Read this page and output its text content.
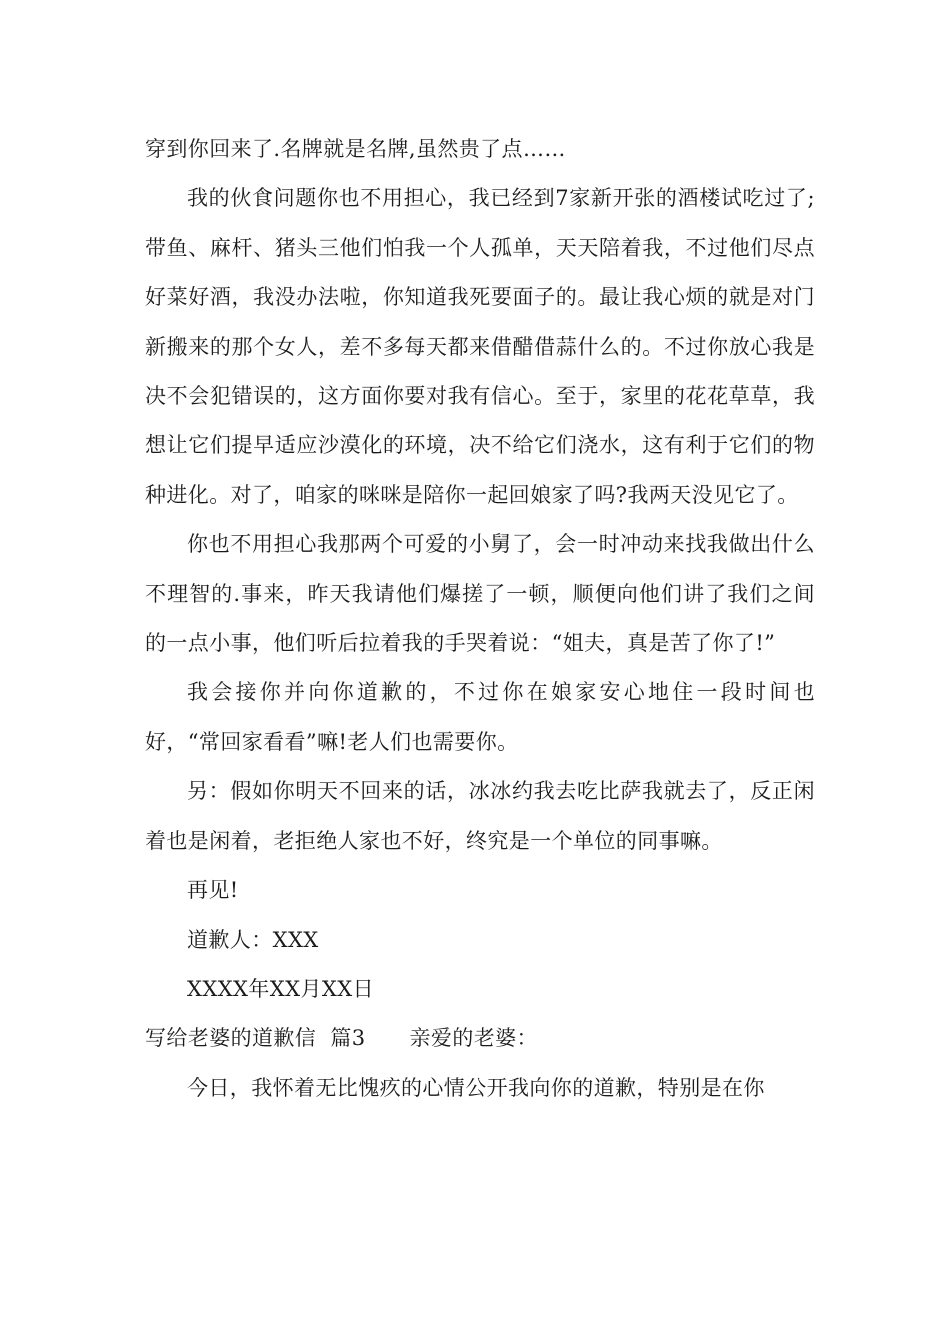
穿到你回来了.名牌就是名牌,虽然贵了点……

我的伙食问题你也不用担心，我已经到7家新开张的酒楼试吃过了;带鱼、麻杆、猪头三他们怕我一个人孤单，天天陪着我，不过他们尽点好菜好酒，我没办法啦，你知道我死要面子的。最让我心烦的就是对门新搬来的那个女人，差不多每天都来借醋借蒜什么的。不过你放心我是决不会犯错误的，这方面你要对我有信心。至于，家里的花花草草，我想让它们提早适应沙漠化的环境，决不给它们浇水，这有利于它们的物种进化。对了，咱家的咪咪是陪你一起回娘家了吗?我两天没见它了。

你也不用担心我那两个可爱的小舅了，会一时冲动来找我做出什么不理智的.事来，昨天我请他们爆搓了一顿，顺便向他们讲了我们之间的一点小事，他们听后拉着我的手哭着说：“姐夫，真是苦了你了!”

我会接你并向你道歉的，不过你在娘家安心地住一段时间也好，“常回家看看”嘛!老人们也需要你。

另：假如你明天不回来的话，冰冰约我去吃比萨我就去了，反正闲着也是闲着，老拒绝人家也不好，终究是一个单位的同事嘛。

再见!

道歉人：XXX

XXXX年XX月XX日

写给老婆的道歉信  篇3 亲爱的老婆：

今日，我怀着无比愧疚的心情公开我向你的道歉，特别是在你
